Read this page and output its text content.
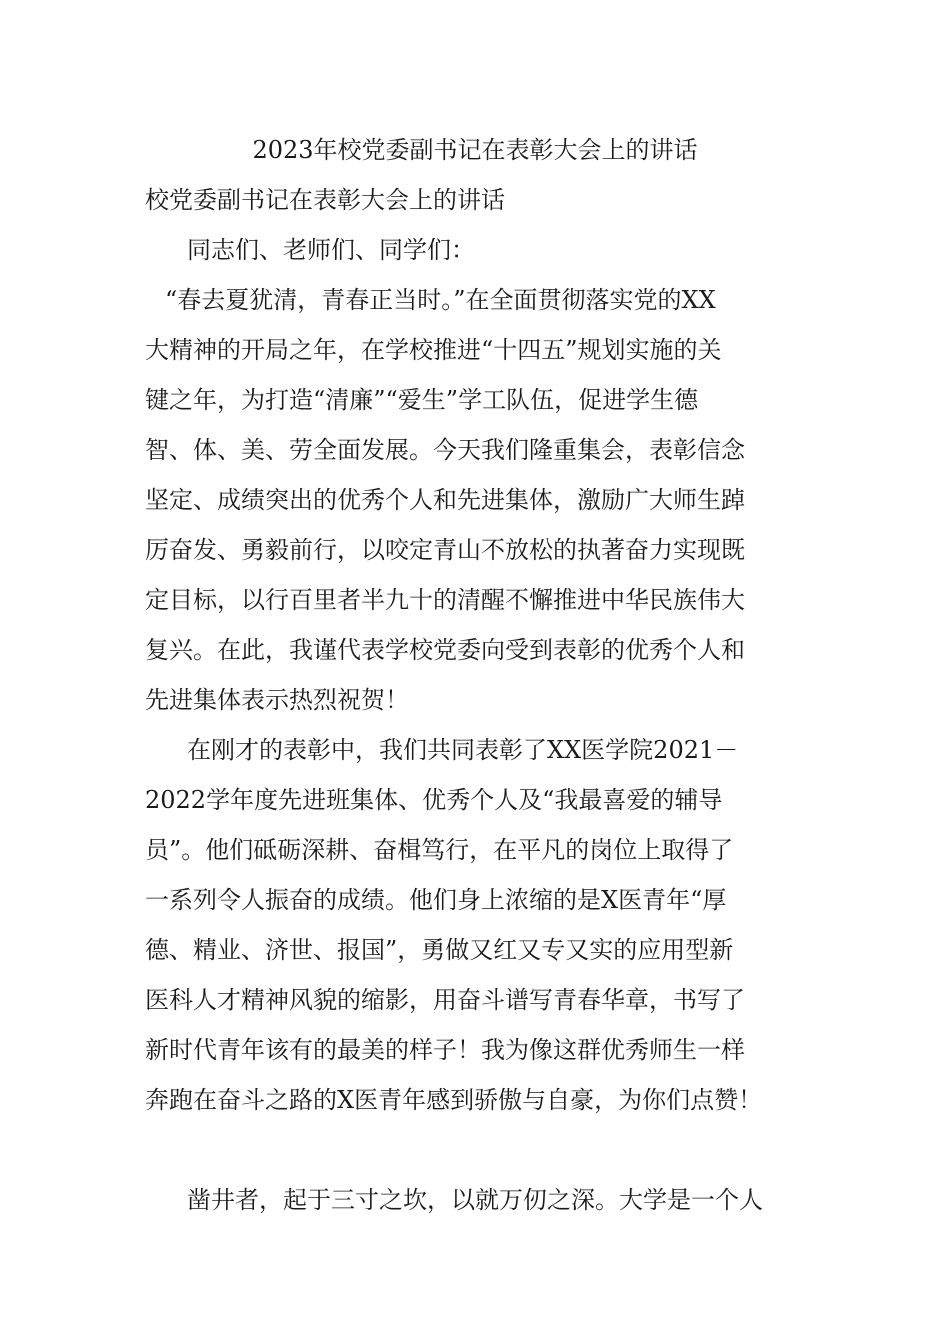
2023年校党委副书记在表彰大会上的讲话
校党委副书记在表彰大会上的讲话
同志们、老师们、同学们：
“春去夏犹清，青春正当时。”在全面贯彻落实党的XX
大精神的开局之年，在学校推进“十四五”规划实施的关
键之年，为打造“清廉”“爱生”学工队伍，促进学生德
智、体、美、劳全面发展。今天我们隆重集会，表彰信念
坚定、成绩突出的优秀个人和先进集体，激励广大师生踔
厉奋发、勇毅前行，以咬定青山不放松的执著奋力实现既
定目标，以行百里者半九十的清醒不懈推进中华民族伟大
复兴。在此，我谨代表学校党委向受到表彰的优秀个人和
先进集体表示热烈祝贺！
在刚才的表彰中，我们共同表彰了XX医学院2021－
2022学年度先进班集体、优秀个人及“我最喜爱的辅导
员”。他们砥砺深耕、奋楫笃行，在平凡的岗位上取得了
一系列令人振奋的成绩。他们身上浓缩的是X医青年“厚
德、精业、济世、报国”，勇做又红又专又实的应用型新
医科人才精神风貌的缩影，用奋斗谱写青春华章，书写了
新时代青年该有的最美的样子！我为像这群优秀师生一样
奔跑在奋斗之路的X医青年感到骄傲与自豪，为你们点赞！
凿井者，起于三寸之坎，以就万仞之深。大学是一个人
